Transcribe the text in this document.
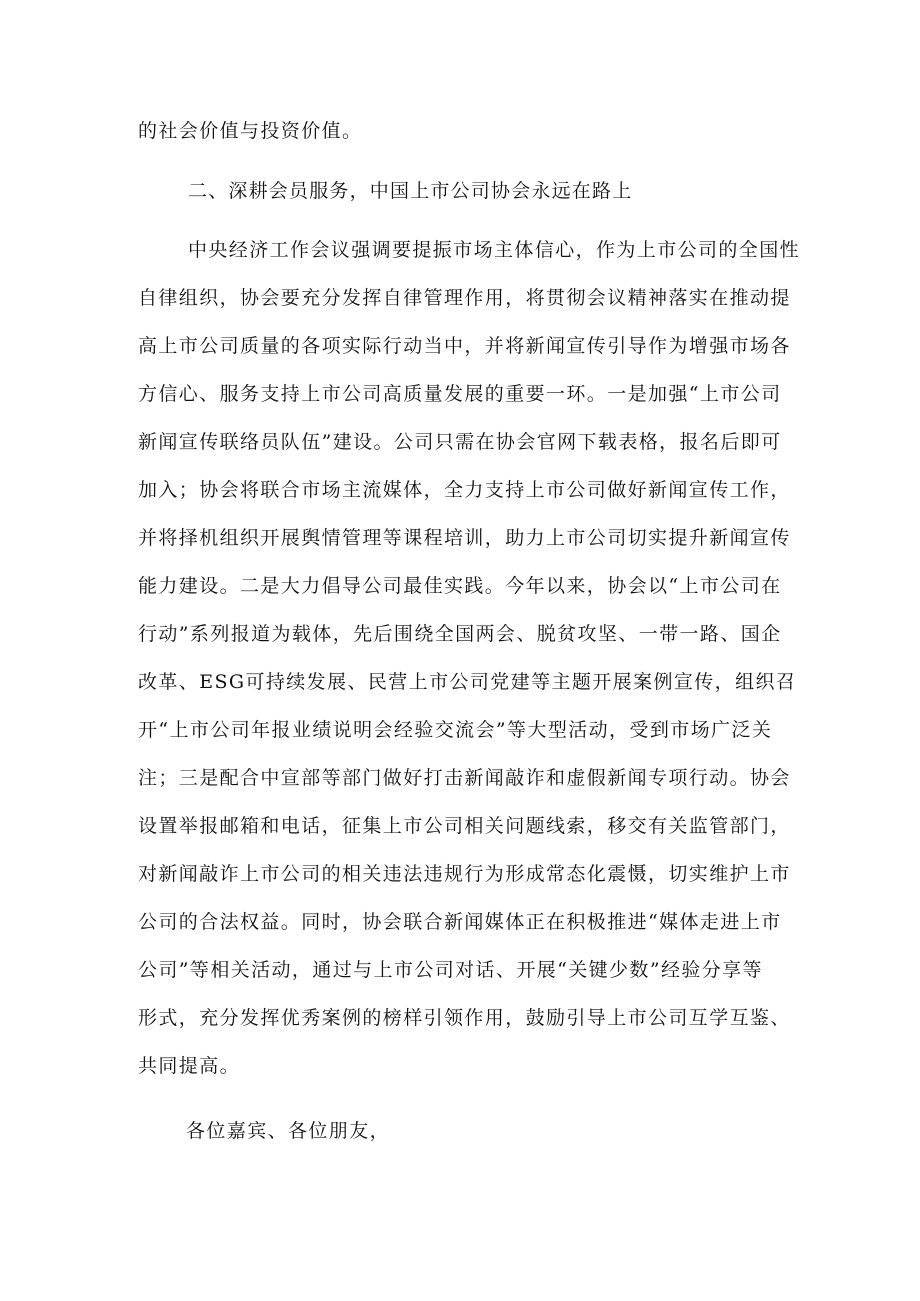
的社会价值与投资价值。
二、深耕会员服务，中国上市公司协会永远在路上
中央经济工作会议强调要提振市场主体信心，作为上市公司的全国性
自律组织，协会要充分发挥自律管理作用，将贯彻会议精神落实在推动提
高上市公司质量的各项实际行动当中，并将新闻宣传引导作为增强市场各
方信心、服务支持上市公司高质量发展的重要一环。一是加强“上市公司
新闻宣传联络员队伍”建设。公司只需在协会官网下载表格，报名后即可
加入；协会将联合市场主流媒体，全力支持上市公司做好新闻宣传工作，
并将择机组织开展舆情管理等课程培训，助力上市公司切实提升新闻宣传
能力建设。二是大力倡导公司最佳实践。今年以来，协会以“上市公司在
行动”系列报道为载体，先后围绕全国两会、脱贫攻坚、一带一路、国企
改革、ESG可持续发展、民营上市公司党建等主题开展案例宣传，组织召
开“上市公司年报业绩说明会经验交流会”等大型活动，受到市场广泛关
注；三是配合中宣部等部门做好打击新闻敲诈和虚假新闻专项行动。协会
设置举报邮箱和电话，征集上市公司相关问题线索，移交有关监管部门，
对新闻敲诈上市公司的相关违法违规行为形成常态化震慑，切实维护上市
公司的合法权益。同时，协会联合新闻媒体正在积极推进“媒体走进上市
公司”等相关活动，通过与上市公司对话、开展“关键少数”经验分享等
形式，充分发挥优秀案例的榜样引领作用，鼓励引导上市公司互学互鉴、
共同提高。
各位嘉宾、各位朋友，
